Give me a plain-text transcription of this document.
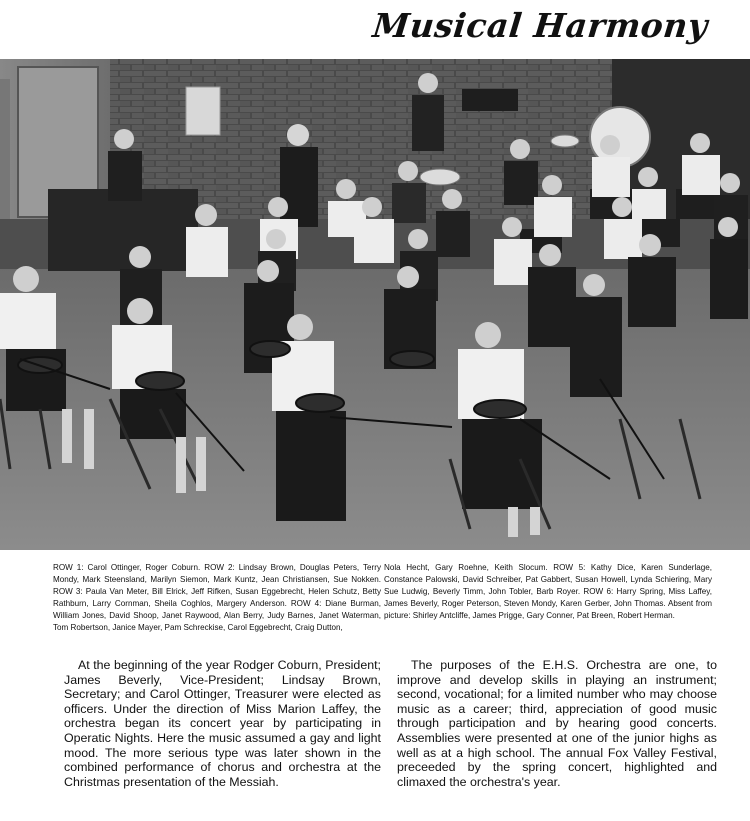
Musical Harmony

ROW 1: Carol Ottinger, Roger Coburn. ROW 2: Lindsay Brown, Douglas Peters, Terry Mondy, Mark Steensland, Marilyn Siemon, Mark Kuntz, Jean Christiansen, Sue Nokken. ROW 3: Paula Van Meter, Bill Elrick, Jeff Rifken, Susan Eggebrecht, Helen Schutz, Betty Rathburn, Larry Cornman, Sheila Coghlos, Margery Anderson. ROW 4: Diane Burman, William Jones, David Shoop, Janet Raywood, Alan Berry, Judy Barnes, Janet Waterman, Tom Robertson, Janice Mayer, Pam Schreckise, Carol Eggebrecht, Craig Dutton,

Nola Hecht, Gary Roehne, Keith Slocum. ROW 5: Kathy Dice, Karen Sunderlage, Constance Palowski, David Schreiber, Pat Gabbert, Susan Howell, Lynda Schiering, Mary Sue Ludwig, Beverly Timm, John Tobler, Barb Royer. ROW 6: Harry Spring, Miss Laffey, James Beverly, Roger Peterson, Steven Mondy, Karen Gerber, John Thomas. Absent from picture: Shirley Antcliffe, James Prigge, Gary Conner, Pat Breen, Robert Herman.

At the beginning of the year Rodger Coburn, President; James Beverly, Vice-President; Lindsay Brown, Secretary; and Carol Ottinger, Treasurer were elected as officers. Under the direction of Miss Marion Laffey, the orchestra began its concert year by participating in Operatic Nights. Here the music assumed a gay and light mood. The more serious type was later shown in the combined performance of chorus and orchestra at the Christmas presentation of the Messiah.

The purposes of the E.H.S. Orchestra are one, to improve and develop skills in playing an instrument; second, vocational; for a limited number who may choose music as a career; third, appreciation of good music through participation and by hearing good concerts. Assemblies were presented at one of the junior highs as well as at a high school. The annual Fox Valley Festival, preceeded by the spring concert, highlighted and climaxed the orchestra's year.
